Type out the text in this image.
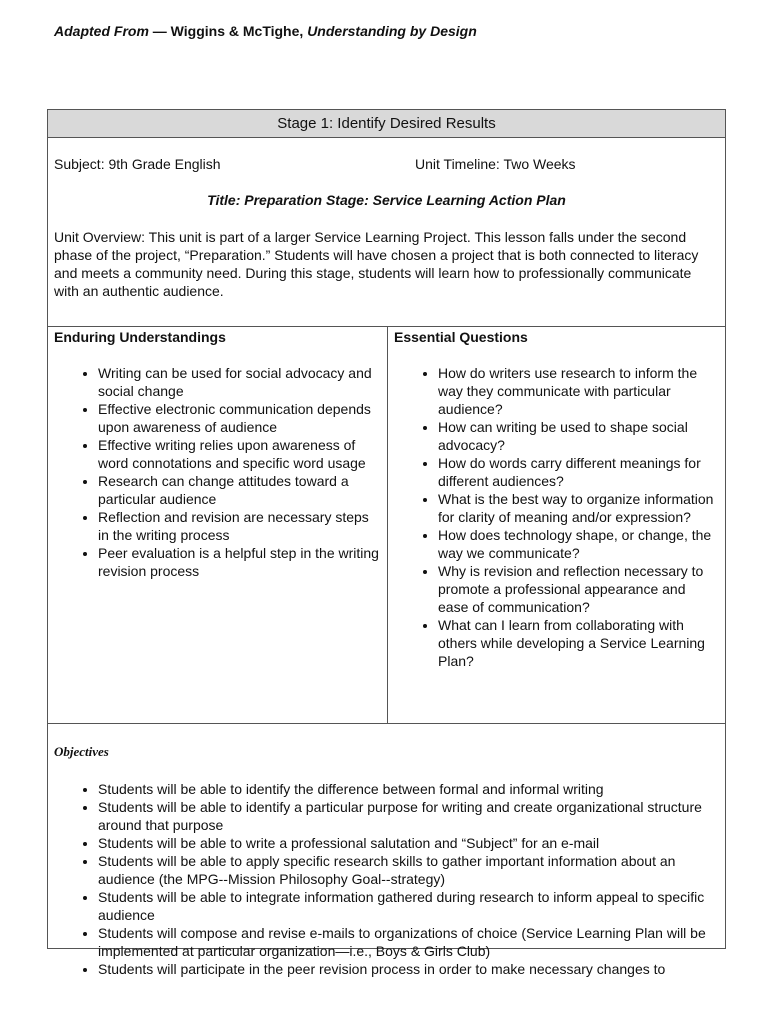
Adapted From — Wiggins & McTighe, Understanding by Design
Stage 1: Identify Desired Results
Subject: 9th Grade English	Unit Timeline: Two Weeks
Title: Preparation Stage: Service Learning Action Plan
Unit Overview: This unit is part of a larger Service Learning Project. This lesson falls under the second phase of the project, “Preparation.” Students will have chosen a project that is both connected to literacy and meets a community need. During this stage, students will learn how to professionally communicate with an authentic audience.
Enduring Understandings
• Writing can be used for social advocacy and social change
• Effective electronic communication depends upon awareness of audience
• Effective writing relies upon awareness of word connotations and specific word usage
• Research can change attitudes toward a particular audience
• Reflection and revision are necessary steps in the writing process
• Peer evaluation is a helpful step in the writing revision process
Essential Questions
• How do writers use research to inform the way they communicate with particular audience?
• How can writing be used to shape social advocacy?
• How do words carry different meanings for different audiences?
• What is the best way to organize information for clarity of meaning and/or expression?
• How does technology shape, or change, the way we communicate?
• Why is revision and reflection necessary to promote a professional appearance and ease of communication?
• What can I learn from collaborating with others while developing a Service Learning Plan?
Objectives
• Students will be able to identify the difference between formal and informal writing
• Students will be able to identify a particular purpose for writing and create organizational structure around that purpose
• Students will be able to write a professional salutation and “Subject” for an e-mail
• Students will be able to apply specific research skills to gather important information about an audience (the MPG--Mission Philosophy Goal--strategy)
• Students will be able to integrate information gathered during research to inform appeal to specific audience
• Students will compose and revise e-mails to organizations of choice (Service Learning Plan will be implemented at particular organization—i.e., Boys & Girls Club)
• Students will participate in the peer revision process in order to make necessary changes to
